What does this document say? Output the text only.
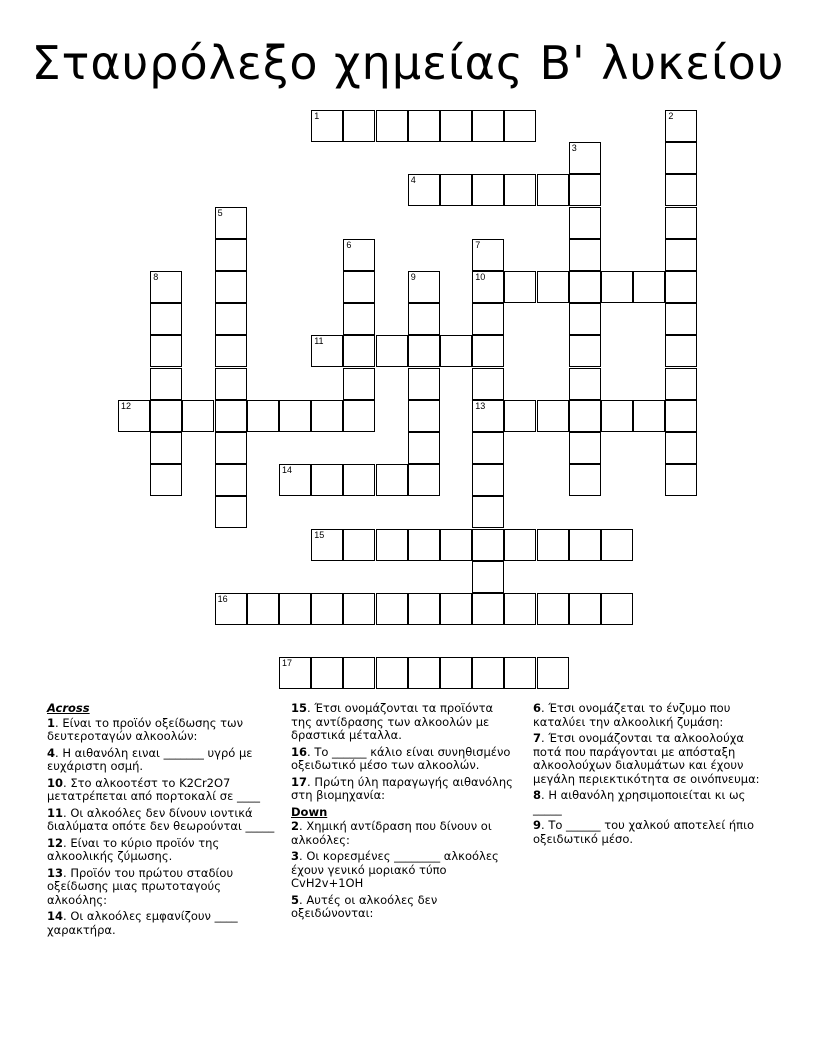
Σταυρόλεξο χημείας Β' λυκείου
1	2
3
4
5
6	7
10
13
8	9
11
12
14
15
16
17
Across
1. Είναι το προϊόν οξείδωσης των δευτεροταγών αλκοολών:
4. Η αιθανόλη ειναι _______ υγρό με ευχάριστη οσμή.
10. Στο αλκοοτέστ το K2Cr2O7 μετατρέπεται από πορτοκαλί σε ____
11. Οι αλκοόλες δεν δίνουν ιοντικά διαλύματα οπότε δεν θεωρούνται _____
12. Είναι το κύριο προϊόν της αλκοολικής ζύμωσης.
13. Προϊόν του πρώτου σταδίου οξείδωσης μιας πρωτοταγούς αλκοόλης:
14. Οι αλκοόλες εμφανίζουν ____ χαρακτήρα.
15. Έτσι ονομάζονται τα προϊόντα της αντίδρασης των αλκοολών με δραστικά μέταλλα.
16. Το ______ κάλιο είναι συνηθισμένο οξειδωτικό μέσο των αλκοολών.
17. Πρώτη ύλη παραγωγής αιθανόλης στη βιομηχανία:
Down
2. Χημική αντίδραση που δίνουν οι αλκοόλες:
3. Οι κορεσμένες ________ αλκοόλες έχουν γενικό μοριακό τύπο CvH2v+1OH
5. Αυτές οι αλκοόλες δεν οξειδώνονται:
6. Έτσι ονομάζεται το ένζυμο που καταλύει την αλκοολική ζυμάση:
7. Έτσι ονομάζονται τα αλκοολούχα ποτά που παράγονται με απόσταξη αλκοολούχων διαλυμάτων και έχουν μεγάλη περιεκτικότητα σε οινόπνευμα:
8. Η αιθανόλη χρησιμοποιείται κι ως _____
9. Το ______ του χαλκού αποτελεί ήπιο οξειδωτικό μέσο.
